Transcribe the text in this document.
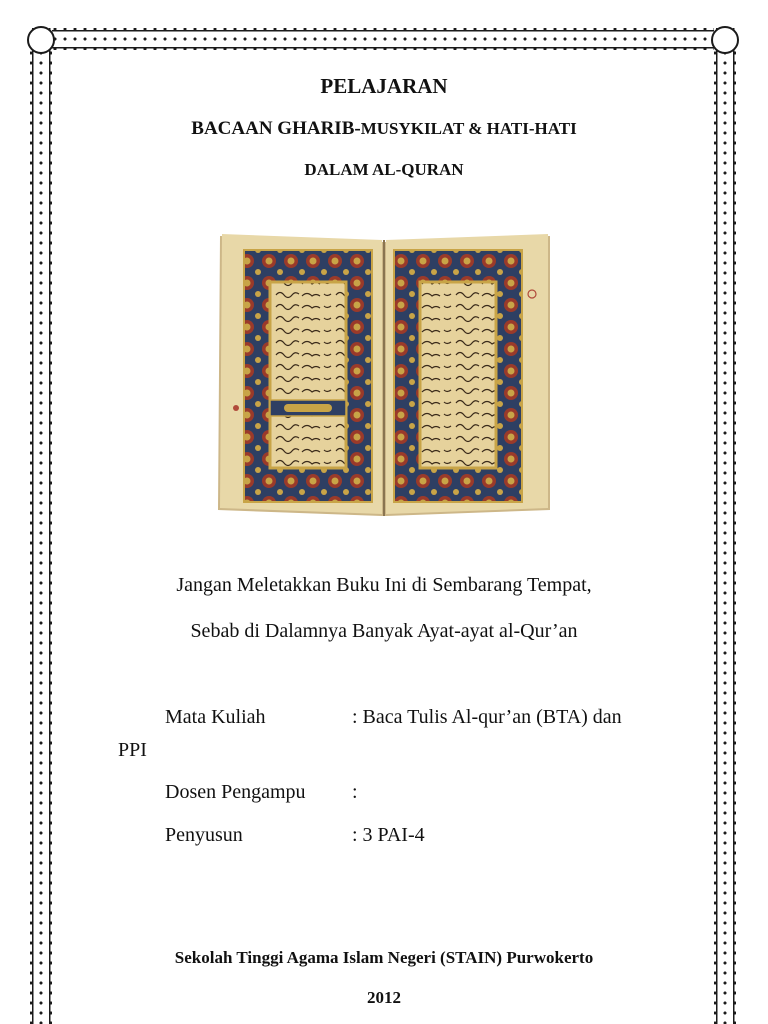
PELAJARAN
BACAAN GHARIB-MUSYKILAT & HATI-HATI
DALAM AL-QURAN
Jangan Meletakkan Buku Ini di Sembarang Tempat,
Sebab di Dalamnya Banyak Ayat-ayat al-Qur’an
Mata Kuliah	: Baca Tulis Al-qur’an (BTA) dan
PPI
Dosen Pengampu :
Penyusun	: 3 PAI-4
Sekolah Tinggi Agama Islam Negeri (STAIN) Purwokerto
2012
